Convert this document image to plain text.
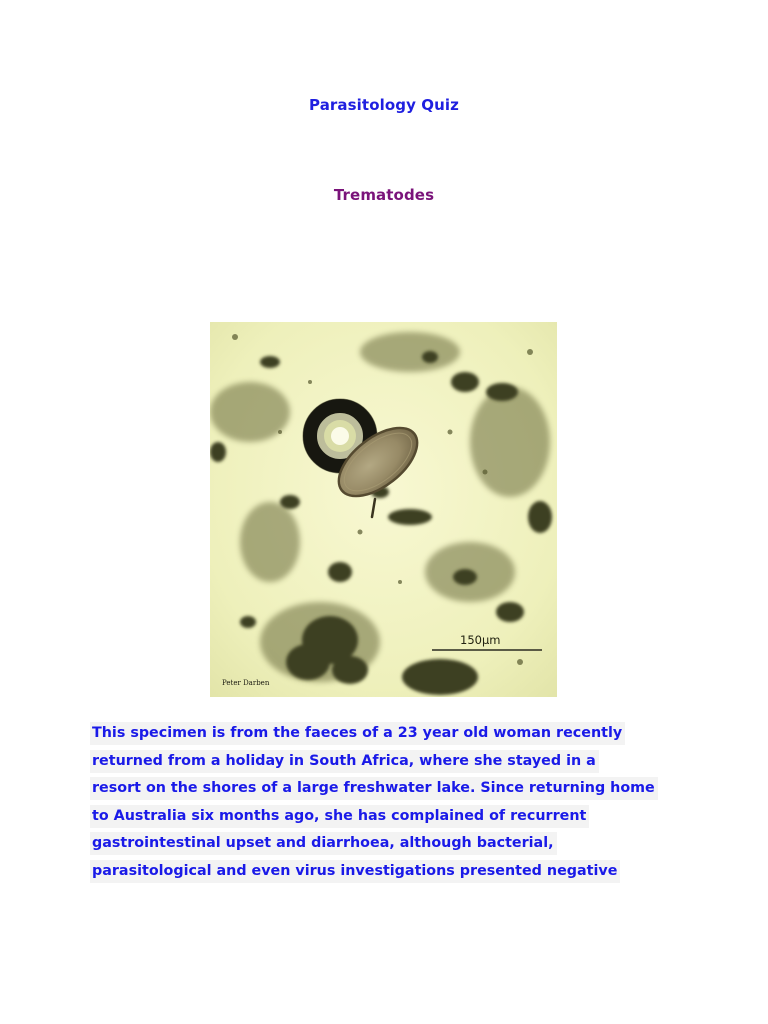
Parasitology Quiz
Trematodes
150µm
Peter Darben
This specimen is from the faeces of a 23 year old woman recently
returned from a holiday in South Africa, where she stayed in a
resort on the shores of a large freshwater lake. Since returning home
to Australia six months ago, she has complained of recurrent
gastrointestinal upset and diarrhoea, although bacterial,
parasitological and even virus investigations presented negative
